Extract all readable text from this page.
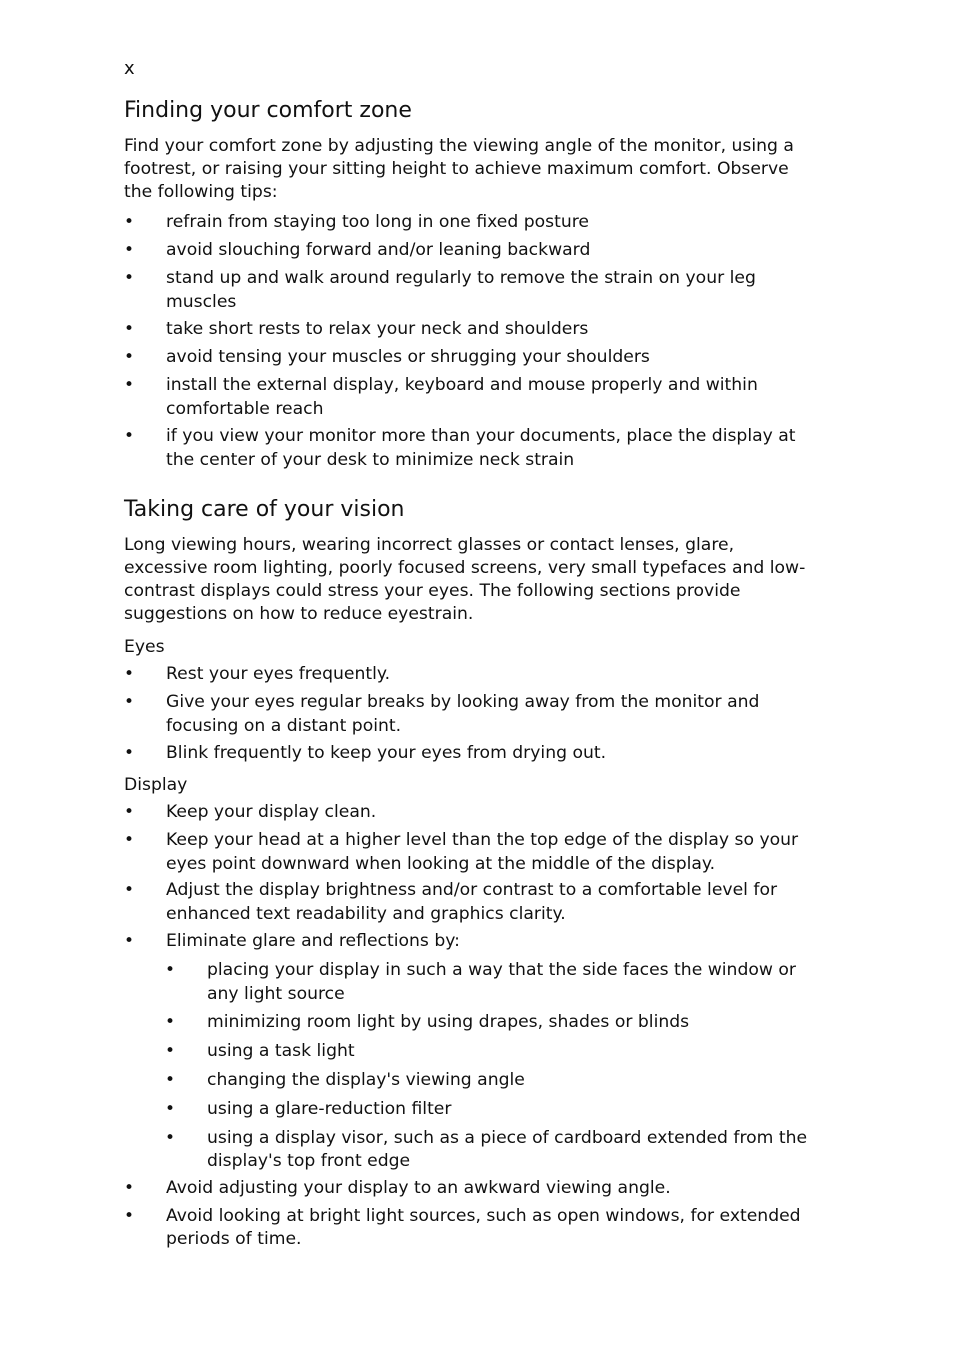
x
Finding your comfort zone

Find your comfort zone by adjusting the viewing angle of the monitor, using a footrest, or raising your sitting height to achieve maximum comfort. Observe the following tips:

• refrain from staying too long in one fixed posture
• avoid slouching forward and/or leaning backward
• stand up and walk around regularly to remove the strain on your leg muscles
• take short rests to relax your neck and shoulders
• avoid tensing your muscles or shrugging your shoulders
• install the external display, keyboard and mouse properly and within comfortable reach
• if you view your monitor more than your documents, place the display at the center of your desk to minimize neck strain
Taking care of your vision

Long viewing hours, wearing incorrect glasses or contact lenses, glare, excessive room lighting, poorly focused screens, very small typefaces and low-contrast displays could stress your eyes. The following sections provide suggestions on how to reduce eyestrain.

Eyes
• Rest your eyes frequently.
• Give your eyes regular breaks by looking away from the monitor and focusing on a distant point.
• Blink frequently to keep your eyes from drying out.
Display
• Keep your display clean.
• Keep your head at a higher level than the top edge of the display so your eyes point downward when looking at the middle of the display.
• Adjust the display brightness and/or contrast to a comfortable level for enhanced text readability and graphics clarity.
• Eliminate glare and reflections by:
• placing your display in such a way that the side faces the window or any light source
• minimizing room light by using drapes, shades or blinds
• using a task light
• changing the display's viewing angle
• using a glare-reduction filter
• using a display visor, such as a piece of cardboard extended from the display's top front edge
• Avoid adjusting your display to an awkward viewing angle.
• Avoid looking at bright light sources, such as open windows, for extended periods of time.
